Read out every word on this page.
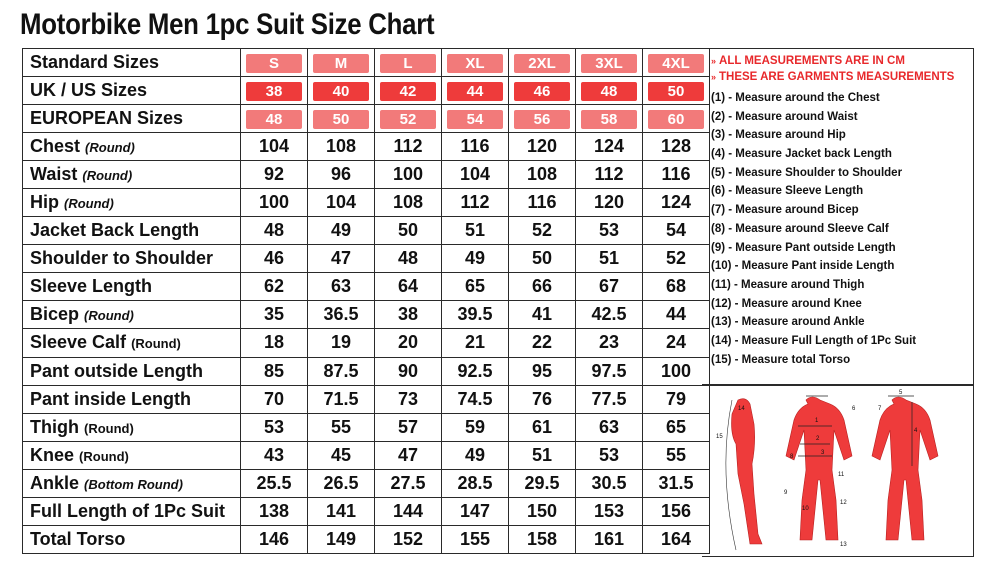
Motorbike Men 1pc Suit Size Chart
Standard Sizes	S	M	L	XL	2XL	3XL	4XL
UK / US Sizes	38	40	42	44	46	48	50
EUROPEAN Sizes	48	50	52	54	56	58	60
Chest (Round)	104	108	112	116	120	124	128
Waist (Round)	92	96	100	104	108	112	116
Hip (Round)	100	104	108	112	116	120	124
Jacket Back Length	48	49	50	51	52	53	54
Shoulder to Shoulder	46	47	48	49	50	51	52
Sleeve Length	62	63	64	65	66	67	68
Bicep (Round)	35	36.5	38	39.5	41	42.5	44
Sleeve Calf (Round)	18	19	20	21	22	23	24
Pant outside Length	85	87.5	90	92.5	95	97.5	100
Pant inside Length	70	71.5	73	74.5	76	77.5	79
Thigh (Round)	53	55	57	59	61	63	65
Knee (Round)	43	45	47	49	51	53	55
Ankle (Bottom Round)	25.5	26.5	27.5	28.5	29.5	30.5	31.5
Full Length of 1Pc Suit	138	141	144	147	150	153	156
Total Torso	146	149	152	155	158	161	164
» ALL MEASUREMENTS ARE IN CM
» THESE ARE GARMENTS MEASUREMENTS
(1) - Measure around the Chest
(2) - Measure around Waist
(3) - Measure around Hip
(4) - Measure Jacket back Length
(5) - Measure Shoulder to Shoulder
(6) - Measure Sleeve Length
(7) - Measure around Bicep
(8) - Measure around Sleeve Calf
(9) - Measure Pant outside Length
(10) - Measure Pant inside Length
(11) - Measure around Thigh
(12) - Measure around Knee
(13) - Measure around Ankle
(14) - Measure Full Length of 1Pc Suit
(15) - Measure total Torso
1
2
3
4
5
6	7
8
9
10
11
12
13
14
15
